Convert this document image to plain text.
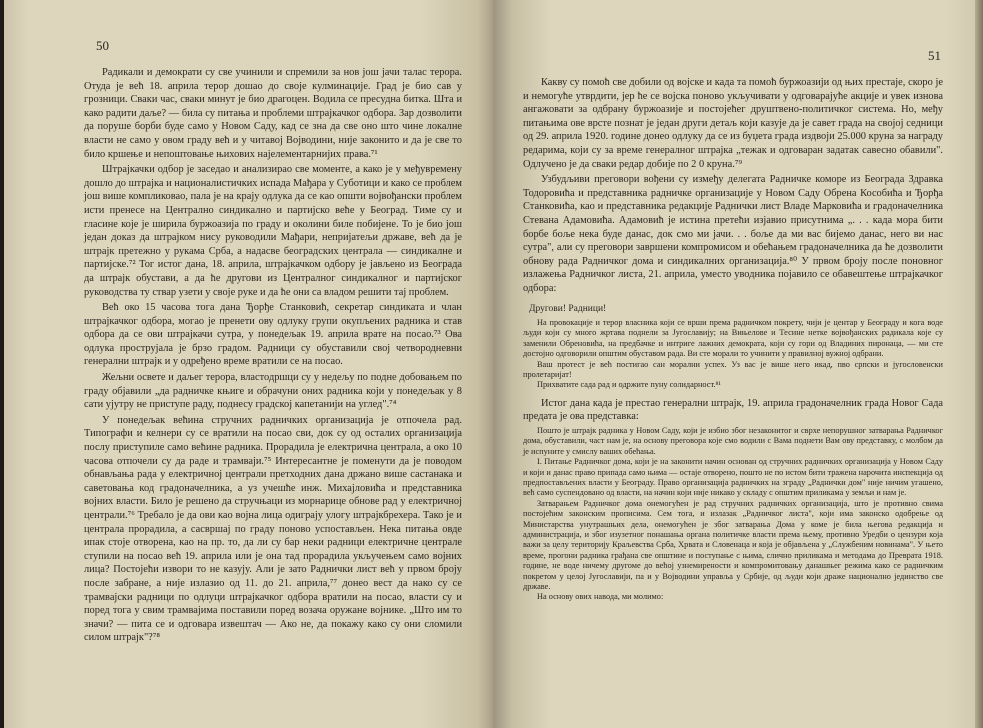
50

Радикали и демократи су све учинили и спремили за нов још јачи талас терора. Отуда је већ 18. априла терор дошао до своје кулминације. Град је био сав у грозници. Сваки час, сваки минут је био драгоцен. Водила се пресудна битка. Шта и како радити даље? — била су питања и проблеми штрајкачког одбора. Зар дозволити да поруше борби буде само у Новом Саду, кад се зна да све оно што чине локалне власти не само у овом граду већ и у читавој Војводини, није законито и да је све то било кршење и непоштовање њихових најелементарнијих права.⁷¹

Штрајкачки одбор је заседао и анализирао све моменте, а како је у међувремену дошло до штрајка и националистичких испада Мађара у Суботици и како се проблем још више компликовао, пала је на крају одлука да се као општи војвођански проблем исти пренесе на Централно синдикално и партијско веће у Београд. Тиме су и гласине које је ширила буржоазија по граду и околини биле побијене. То је био још један доказ да штрајком нису руководили Мађари, непријатељи државе, већ да је штрајк претежно у рукама Срба, а надасве београдских централа — синдикалне и партијске.⁷² Тог истог дана, 18. априла, штрајкачком одбору је јављено из Београда да штрајк обустави, а да ће другови из Централног синдикалног и партијског руководства ту ствар узети у своје руке и да ће они са владом решити тај проблем.

Већ око 15 часова тога дана Ђорђе Станковић, секретар синдиката и члан штрајкачког одбора, могао је пренети ову одлуку групи окупљених радника и став одбора да се ови штрајкачи сутра, у понедељак 19. априла врате на посао.⁷³ Ова одлука прострујала је брзо градом. Радници су обуставили свој четвородневни генерални штрајк и у одређено време вратили се на посао.

Жељни освете и даљег терора, властодршци су у недељу по подне добовањем по граду објавили „да радничке књиге и обрачуни оних радника који у понедељак у 8 сати ујутру не приступе раду, поднесу градској капетанији на углед".⁷⁴

У понедељак већина стручних радничких организација је отпочела рад. Типографи и келнери су се вратили на посао сви, док су од осталих организација послу приступиле само већине радника. Прорадила је електрична централа, а око 10 часова отпочели су да раде и трамваји.⁷⁵ Интересантне је поменути да је поводом обнављања рада у електричној централи претходних дана држано више састанака и саветовања код градоначелника, а уз учешће инж. Михајловића и представника војних власти. Било је решено да стручњаци из морнарице обнове рад у електричној централи.⁷⁶ Требало је да ови као војна лица одиграју улогу штрајкбрехера. Тако је и централа прорадила, а сасвршај по граду поново успостављен. Нека питања овде ипак стоје отворена, као на пр. то, да ли су бар неки радници електричне централе ступили на посао већ 19. априла или је она тад прорадила укључењем само војних лица? Постојећи извори то не казују. Али је зато Раднички лист већ у првом броју после забране, а није излазио од 11. до 21. априла,⁷⁷ донео вест да нако су се трамвајски радници по одлуци штрајкачког одбора вратили на посао, власти су и поред тога у свим трамвајима поставили поред возача оружане војнике. „Што им то значи? — пита се и одговара извештач — Ако не, да покажу како су они сломили силом штрајк"?⁷⁸

51

Какву су помоћ све добили од војске и када та помоћ буржоазији од њих престаје, скоро је и немогуће утврдити, јер ће се војска поново укључивати у одговарајуће акције и увек изнова ангажовати за одбрану буржоазије и постојећег друштвено-политичког система. Но, међу питањима ове врсте познат је један други детаљ који казује да је савет града на својој седници од 29. априла 1920. године донео одлуку да се из буџета града издвоји 25.000 круна за награду редарима, који су за време генералног штрајка „тежак и одговаран задатак савесно обавили". Одлучено је да сваки редар добије по 2 0 круна.⁷⁹

Узбудљиви преговори вођени су између делегата Радничке коморе из Београда Здравка Тодоровића и представника радничке организације у Новом Саду Обрена Кособића и Ђорђа Станковића, као и представника редакције Раднички лист Владе Марковића и градоначелника Стевана Адамовића. Адамовић је истина претећи изјавио присутнима „. . . када мора бити борбе боље нека буде данас, док смо ми јачи. . . боље да ми вас бијемо данас, него ви нас сутра", али су преговори завршени компромисом и обећањем градоначелника да ће дозволити обнову рада Радничког дома и синдикалних организација.⁸⁰ У првом броју после поновног излажења Радничког листа, 21. априла, уместо уводника појавило се обавештење штрајкачког одбора:

Другови! Радници!

На провокације и терор власника који се врши према радничком покрету, чији је центар у Београду и кога воде људи који су много жртава поднели за Југославију; на Вињелове и Тесине нетке војвођанских радикала које су заменили Обреновића, на предбачке и интриге лажних демократа, који су гори од Владиних пиронаца, — ми сте достојно одговорили општим обуставом рада. Ви сте морали то учинити у правилној вужној одбрани.

Ваш протест је већ постигао сан морални успех. Уз вас је више него икад, пво српски и југословенски пролетаријат!

Прихватите сада рад и одржите пуну солидарност.⁸¹

Истог дана када је престао генерални штрајк, 19. априла градоначелник града Новог Сада предата је ова представка:

Пошто је штрајк радника у Новом Саду, који је избио због незаконитог и сврхе непорушног затварања Радничког дома, обуставили, част нам је, на основу преговора које смо водили с Вама поднети Вам ову представку, с молбом да је испуните у смислу ваших обећања.

I. Питање Радничког дома, који је на законити начин основан од стручних радничких организација у Новом Саду и који и данас право припада само њима — остаје отворено, пошто не по истом бити тражена нарочита инспекција од предпостављених власти у Београду. Право организација радничких на зграду „Раднички дом" није ничим угашено, већ само суспендовано од власти, на начин који није никако у складу с општим приликама у земљи и нам је.

Затварањем Радничког дома онемогућен је рад стручних радничких организација, што је противно свима постојећим законским прописима. Сем тога, и излазак „Радничког листа", који има законско одобрење од Министарства унутрашњих дела, онемогућен је због затварања Дома у коме је била његова редакција и администрација, и због изузетног понашања органа политичке власти према њему, противно Уредби о цензури која важи за целу територију Краљевства Срба, Хрвата и Словенаца и која је објављена у „Службеним новинама". У њето време, прогони радника грађана све општине и поступање с њима, слично приликама и методама до Преврата 1918. године, не воде ничему другоме до већој узнемирености и компромитовању данашњег режима како се радничким покретом у целој Југославији, па и у Војводини управља у Србије, од људи који драже национално јединство све државе.

На основу ових навода, ми молимо:
